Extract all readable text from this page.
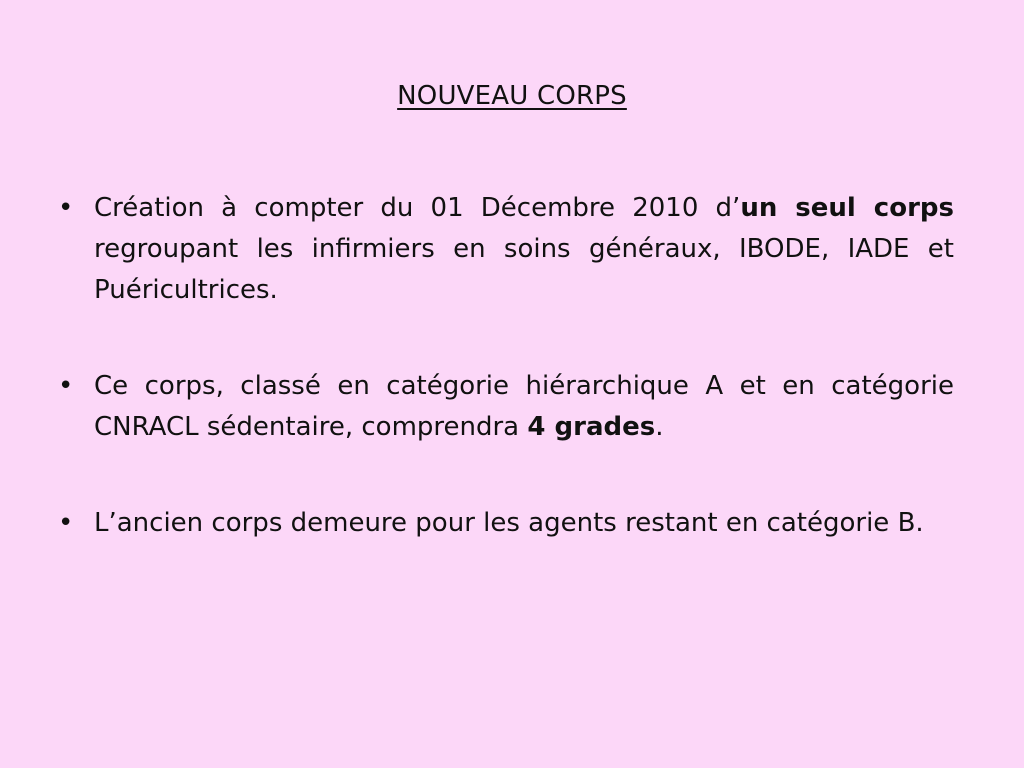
NOUVEAU CORPS
• Création à compter du 01 Décembre 2010 d’un seul corps regroupant les infirmiers en soins généraux, IBODE, IADE et Puéricultrices.
• Ce corps, classé en catégorie hiérarchique A et en catégorie CNRACL sédentaire, comprendra 4 grades.
• L’ancien corps demeure pour les agents restant en catégorie B.
